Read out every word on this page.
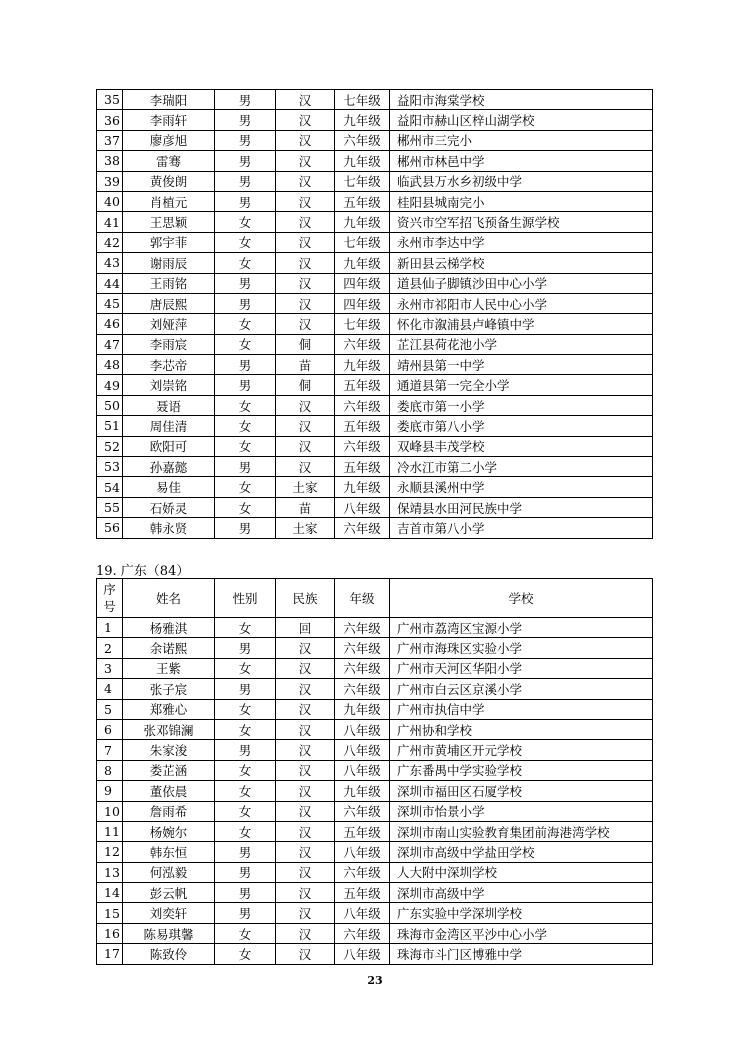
35	李瑞阳	男	汉	七年级	益阳市海棠学校
36	李雨轩	男	汉	九年级	益阳市赫山区梓山湖学校
37	廖彦旭	男	汉	六年级	郴州市三完小
38	雷骞	男	汉	九年级	郴州市林邑中学
39	黄俊朗	男	汉	七年级	临武县万水乡初级中学
40	肖植元	男	汉	五年级	桂阳县城南完小
41	王思颖	女	汉	九年级	资兴市空军招飞预备生源学校
42	郭宇菲	女	汉	七年级	永州市李达中学
43	谢雨辰	女	汉	九年级	新田县云梯学校
44	王雨铭	男	汉	四年级	道县仙子脚镇沙田中心小学
45	唐辰熙	男	汉	四年级	永州市祁阳市人民中心小学
46	刘娅萍	女	汉	七年级	怀化市溆浦县卢峰镇中学
47	李雨宸	女	侗	六年级	芷江县荷花池小学
48	李芯帝	男	苗	九年级	靖州县第一中学
49	刘崇铭	男	侗	五年级	通道县第一完全小学
50	聂语	女	汉	六年级	娄底市第一小学
51	周佳清	女	汉	五年级	娄底市第八小学
52	欧阳可	女	汉	六年级	双峰县丰茂学校
53	孙嘉懿	男	汉	五年级	冷水江市第二小学
54	易佳	女	土家	九年级	永顺县溪州中学
55	石娇灵	女	苗	八年级	保靖县水田河民族中学
56	韩永贤	男	土家	六年级	吉首市第八小学
19. 广东（84）
序
号	姓名	性别	民族	年级	学校
1	杨雅淇	女	回	六年级	广州市荔湾区宝源小学
2	余诺熙	男	汉	六年级	广州市海珠区实验小学
3	王紫	女	汉	六年级	广州市天河区华阳小学
4	张子宸	男	汉	六年级	广州市白云区京溪小学
5	郑雅心	女	汉	九年级	广州市执信中学
6	张邓锦澜	女	汉	八年级	广州协和学校
7	朱家浚	男	汉	八年级	广州市黄埔区开元学校
8	娄芷涵	女	汉	八年级	广东番禺中学实验学校
9	董依晨	女	汉	九年级	深圳市福田区石厦学校
10	詹雨希	女	汉	六年级	深圳市怡景小学
11	杨婉尔	女	汉	五年级	深圳市南山实验教育集团前海港湾学校
12	韩东恒	男	汉	八年级	深圳市高级中学盐田学校
13	何泓毅	男	汉	六年级	人大附中深圳学校
14	彭云帆	男	汉	五年级	深圳市高级中学
15	刘奕轩	男	汉	八年级	广东实验中学深圳学校
16	陈易琪馨	女	汉	六年级	珠海市金湾区平沙中心小学
17	陈致伶	女	汉	八年级	珠海市斗门区博雅中学
23
